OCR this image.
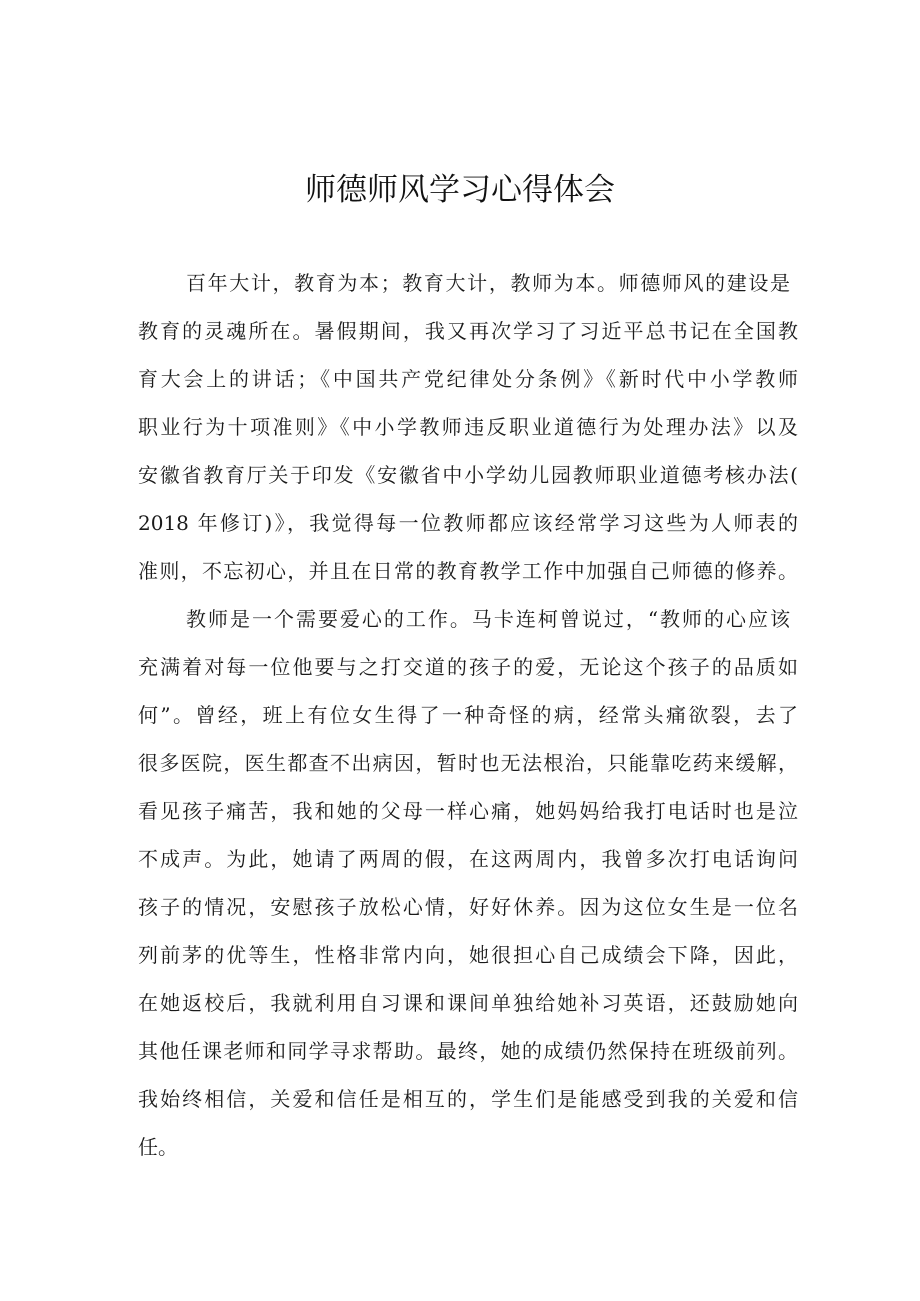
师德师风学习心得体会

百年大计，教育为本；教育大计，教师为本。师德师风的建设是

教育的灵魂所在。暑假期间，我又再次学习了习近平总书记在全国教

育大会上的讲话；《中国共产党纪律处分条例》《新时代中小学教师

职业行为十项准则》《中小学教师违反职业道德行为处理办法》以及

安徽省教育厅关于印发《安徽省中小学幼儿园教师职业道德考核办法(

2018 年修订)》，我觉得每一位教师都应该经常学习这些为人师表的

准则，不忘初心，并且在日常的教育教学工作中加强自己师德的修养。

教师是一个需要爱心的工作。马卡连柯曾说过，“教师的心应该

充满着对每一位他要与之打交道的孩子的爱，无论这个孩子的品质如

何”。曾经，班上有位女生得了一种奇怪的病，经常头痛欲裂，去了

很多医院，医生都查不出病因，暂时也无法根治，只能靠吃药来缓解，

看见孩子痛苦，我和她的父母一样心痛，她妈妈给我打电话时也是泣

不成声。为此，她请了两周的假，在这两周内，我曾多次打电话询问

孩子的情况，安慰孩子放松心情，好好休养。因为这位女生是一位名

列前茅的优等生，性格非常内向，她很担心自己成绩会下降，因此，

在她返校后，我就利用自习课和课间单独给她补习英语，还鼓励她向

其他任课老师和同学寻求帮助。最终，她的成绩仍然保持在班级前列。

我始终相信，关爱和信任是相互的，学生们是能感受到我的关爱和信

任。
